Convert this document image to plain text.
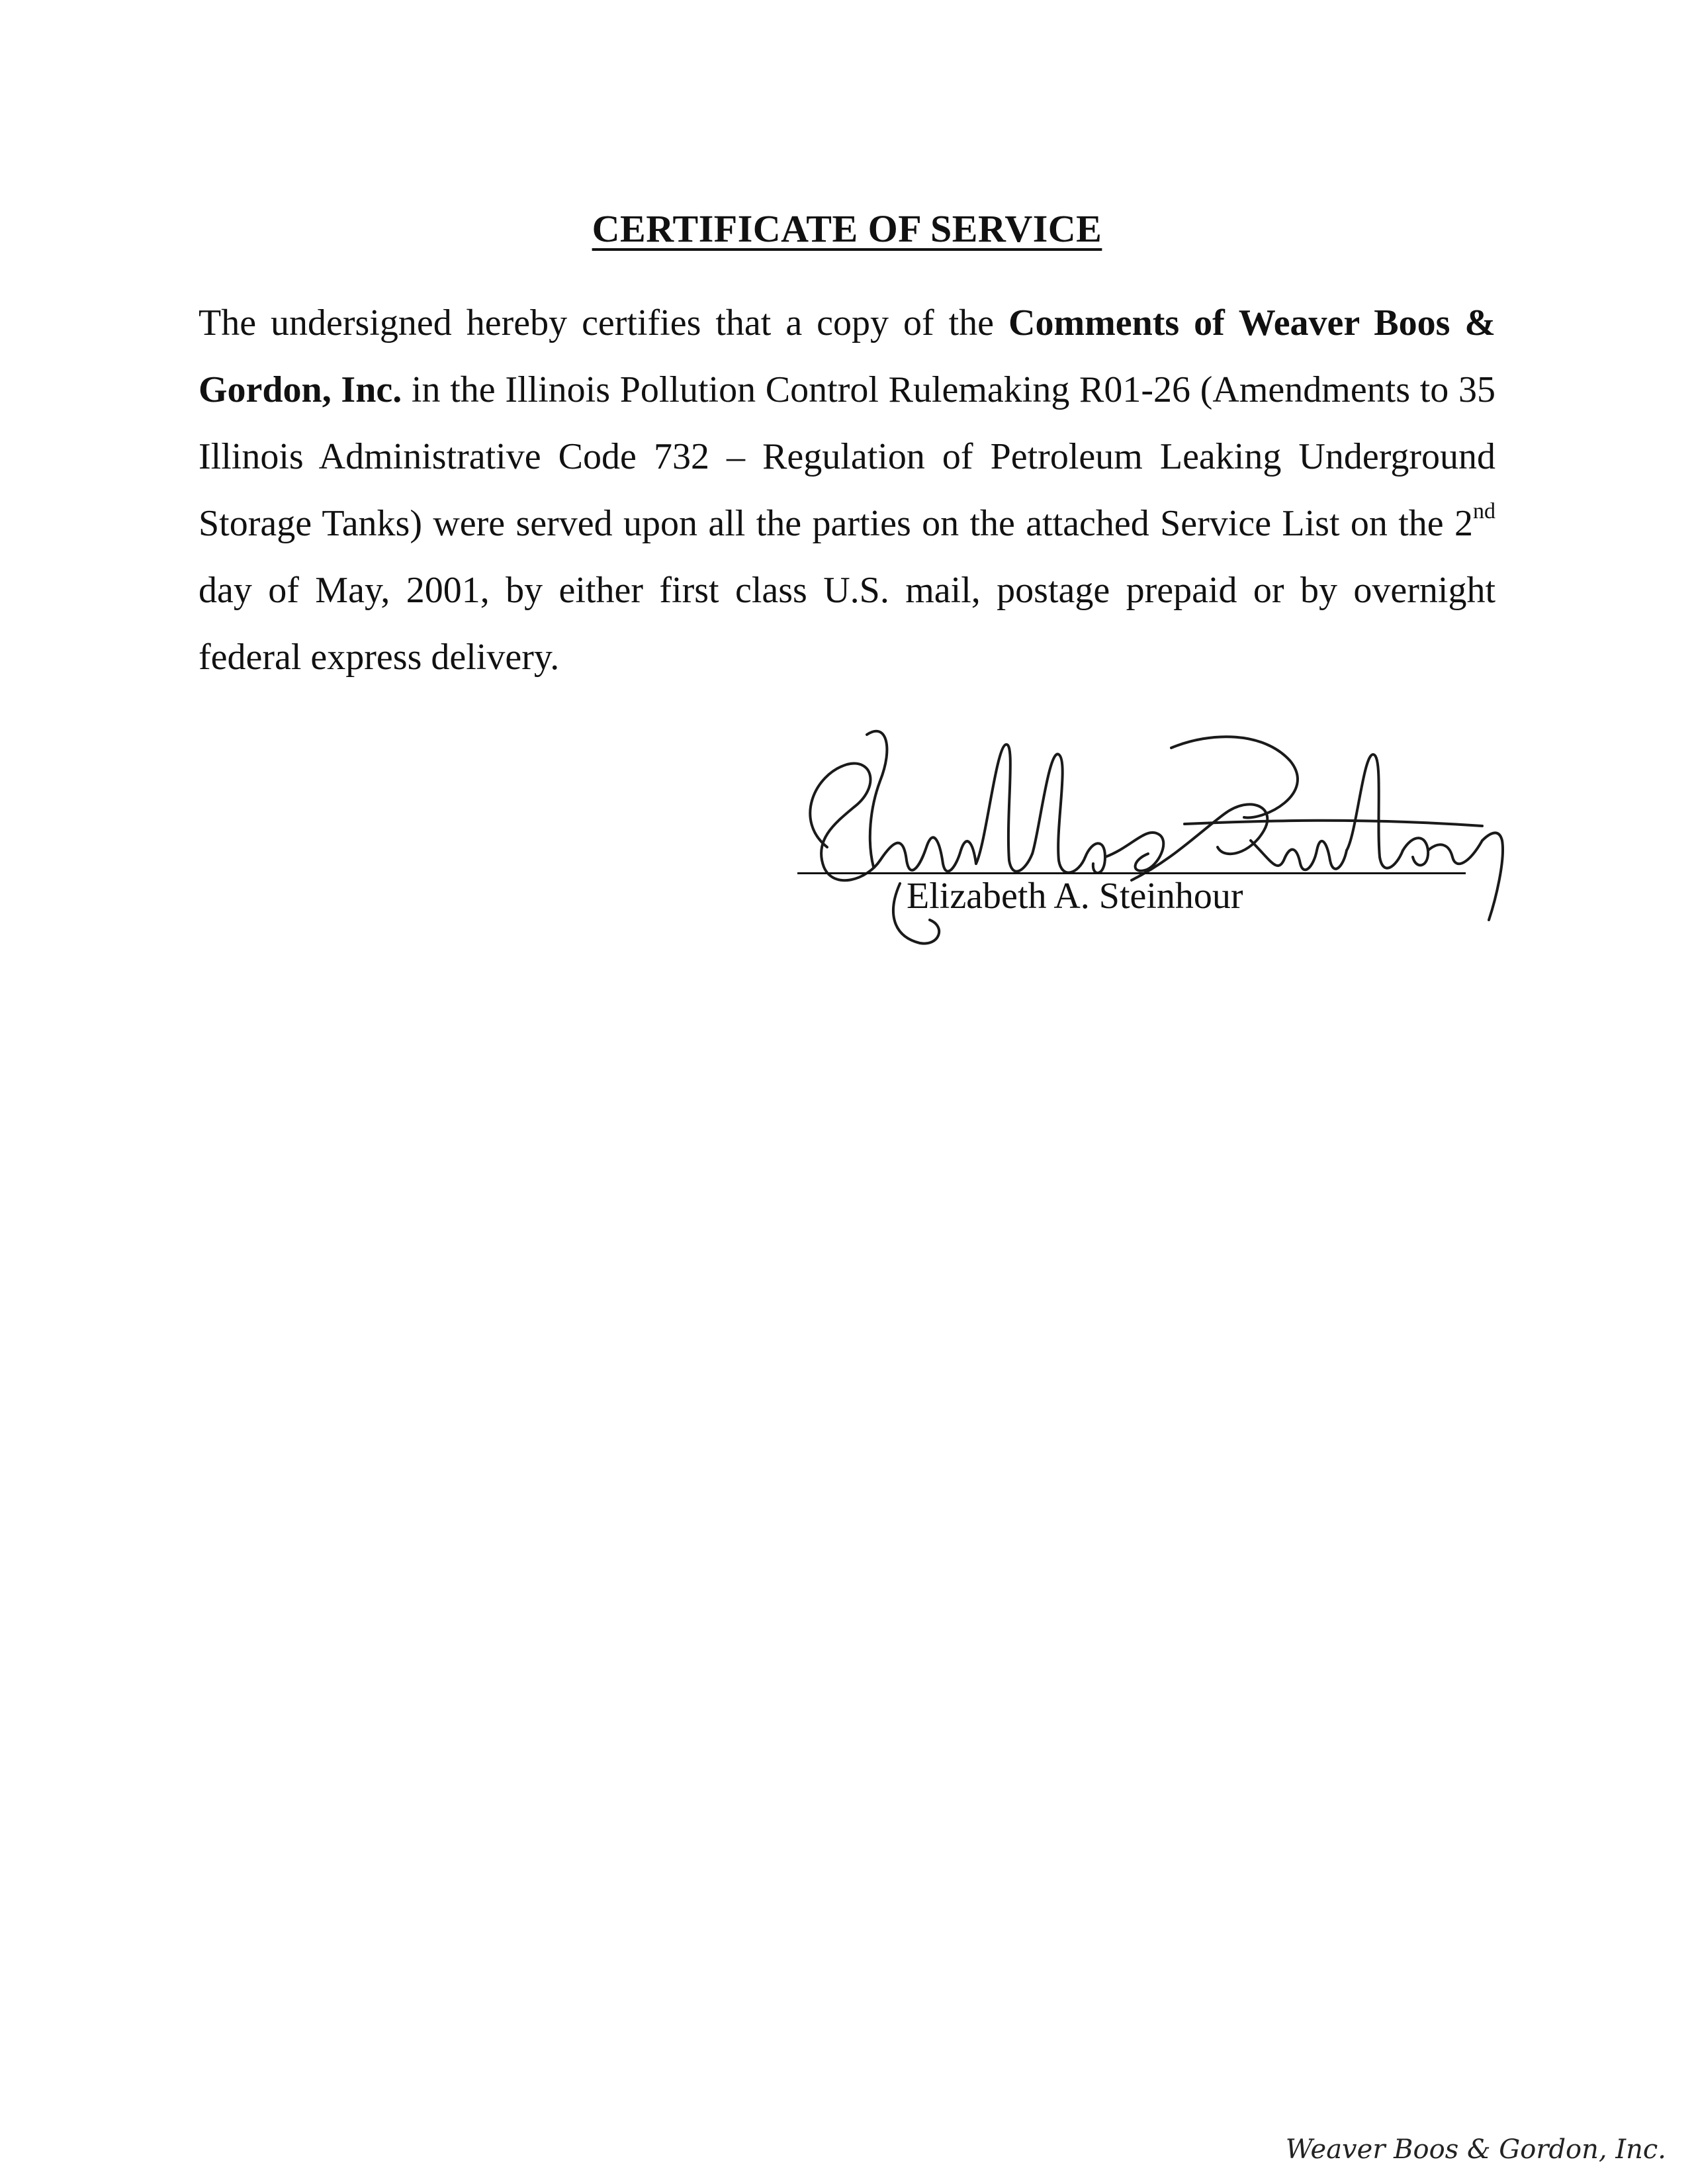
CERTIFICATE OF SERVICE
The undersigned hereby certifies that a copy of the Comments of Weaver Boos & Gordon, Inc. in the Illinois Pollution Control Rulemaking R01-26 (Amendments to 35 Illinois Administrative Code 732 – Regulation of Petroleum Leaking Underground Storage Tanks) were served upon all the parties on the attached Service List on the 2nd day of May, 2001, by either first class U.S. mail, postage prepaid or by overnight federal express delivery.
Elizabeth A. Steinhour
Weaver Boos & Gordon, Inc.
